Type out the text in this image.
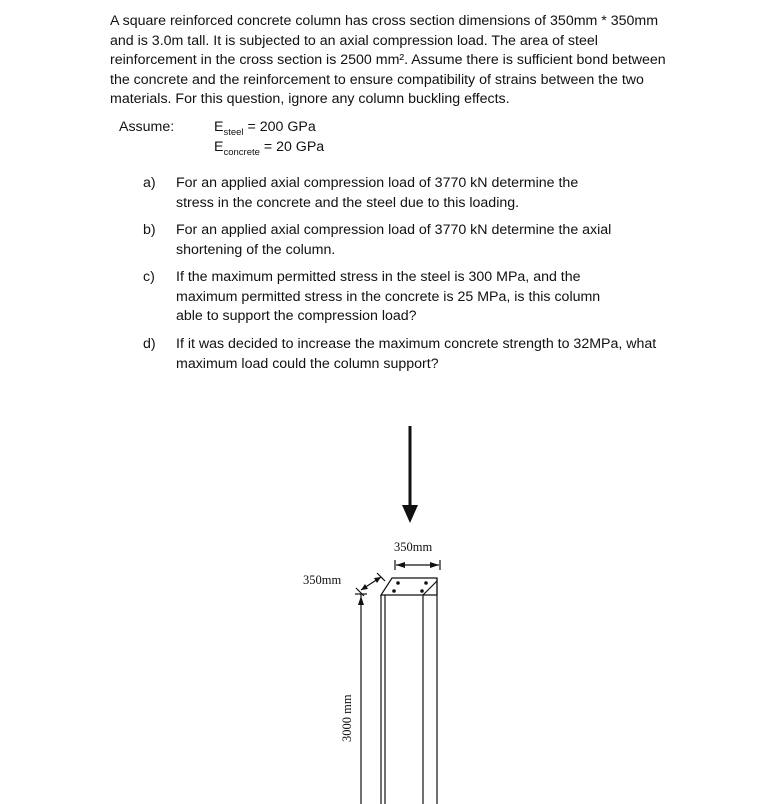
A square reinforced concrete column has cross section dimensions of 350mm * 350mm
and is 3.0m tall. It is subjected to an axial compression load. The area of steel
reinforcement in the cross section is 2500 mm². Assume there is sufficient bond between
the concrete and the reinforcement to ensure compatibility of strains between the two
materials. For this question, ignore any column buckling effects.
Assume:	$E_{steel} = 200$ GPa
$E_{concrete} = 20$ GPa
a)	For an applied axial compression load of 3770 kN determine the
stress in the concrete and the steel due to this loading.
b)	For an applied axial compression load of 3770 kN determine the axial
shortening of the column.
c)	If the maximum permitted stress in the steel is 300 MPa, and the
maximum permitted stress in the concrete is 25 MPa, is this column
able to support the compression load?
d)	If it was decided to increase the maximum concrete strength to 32MPa, what
maximum load could the column support?
350mm
350mm
3000 mm
